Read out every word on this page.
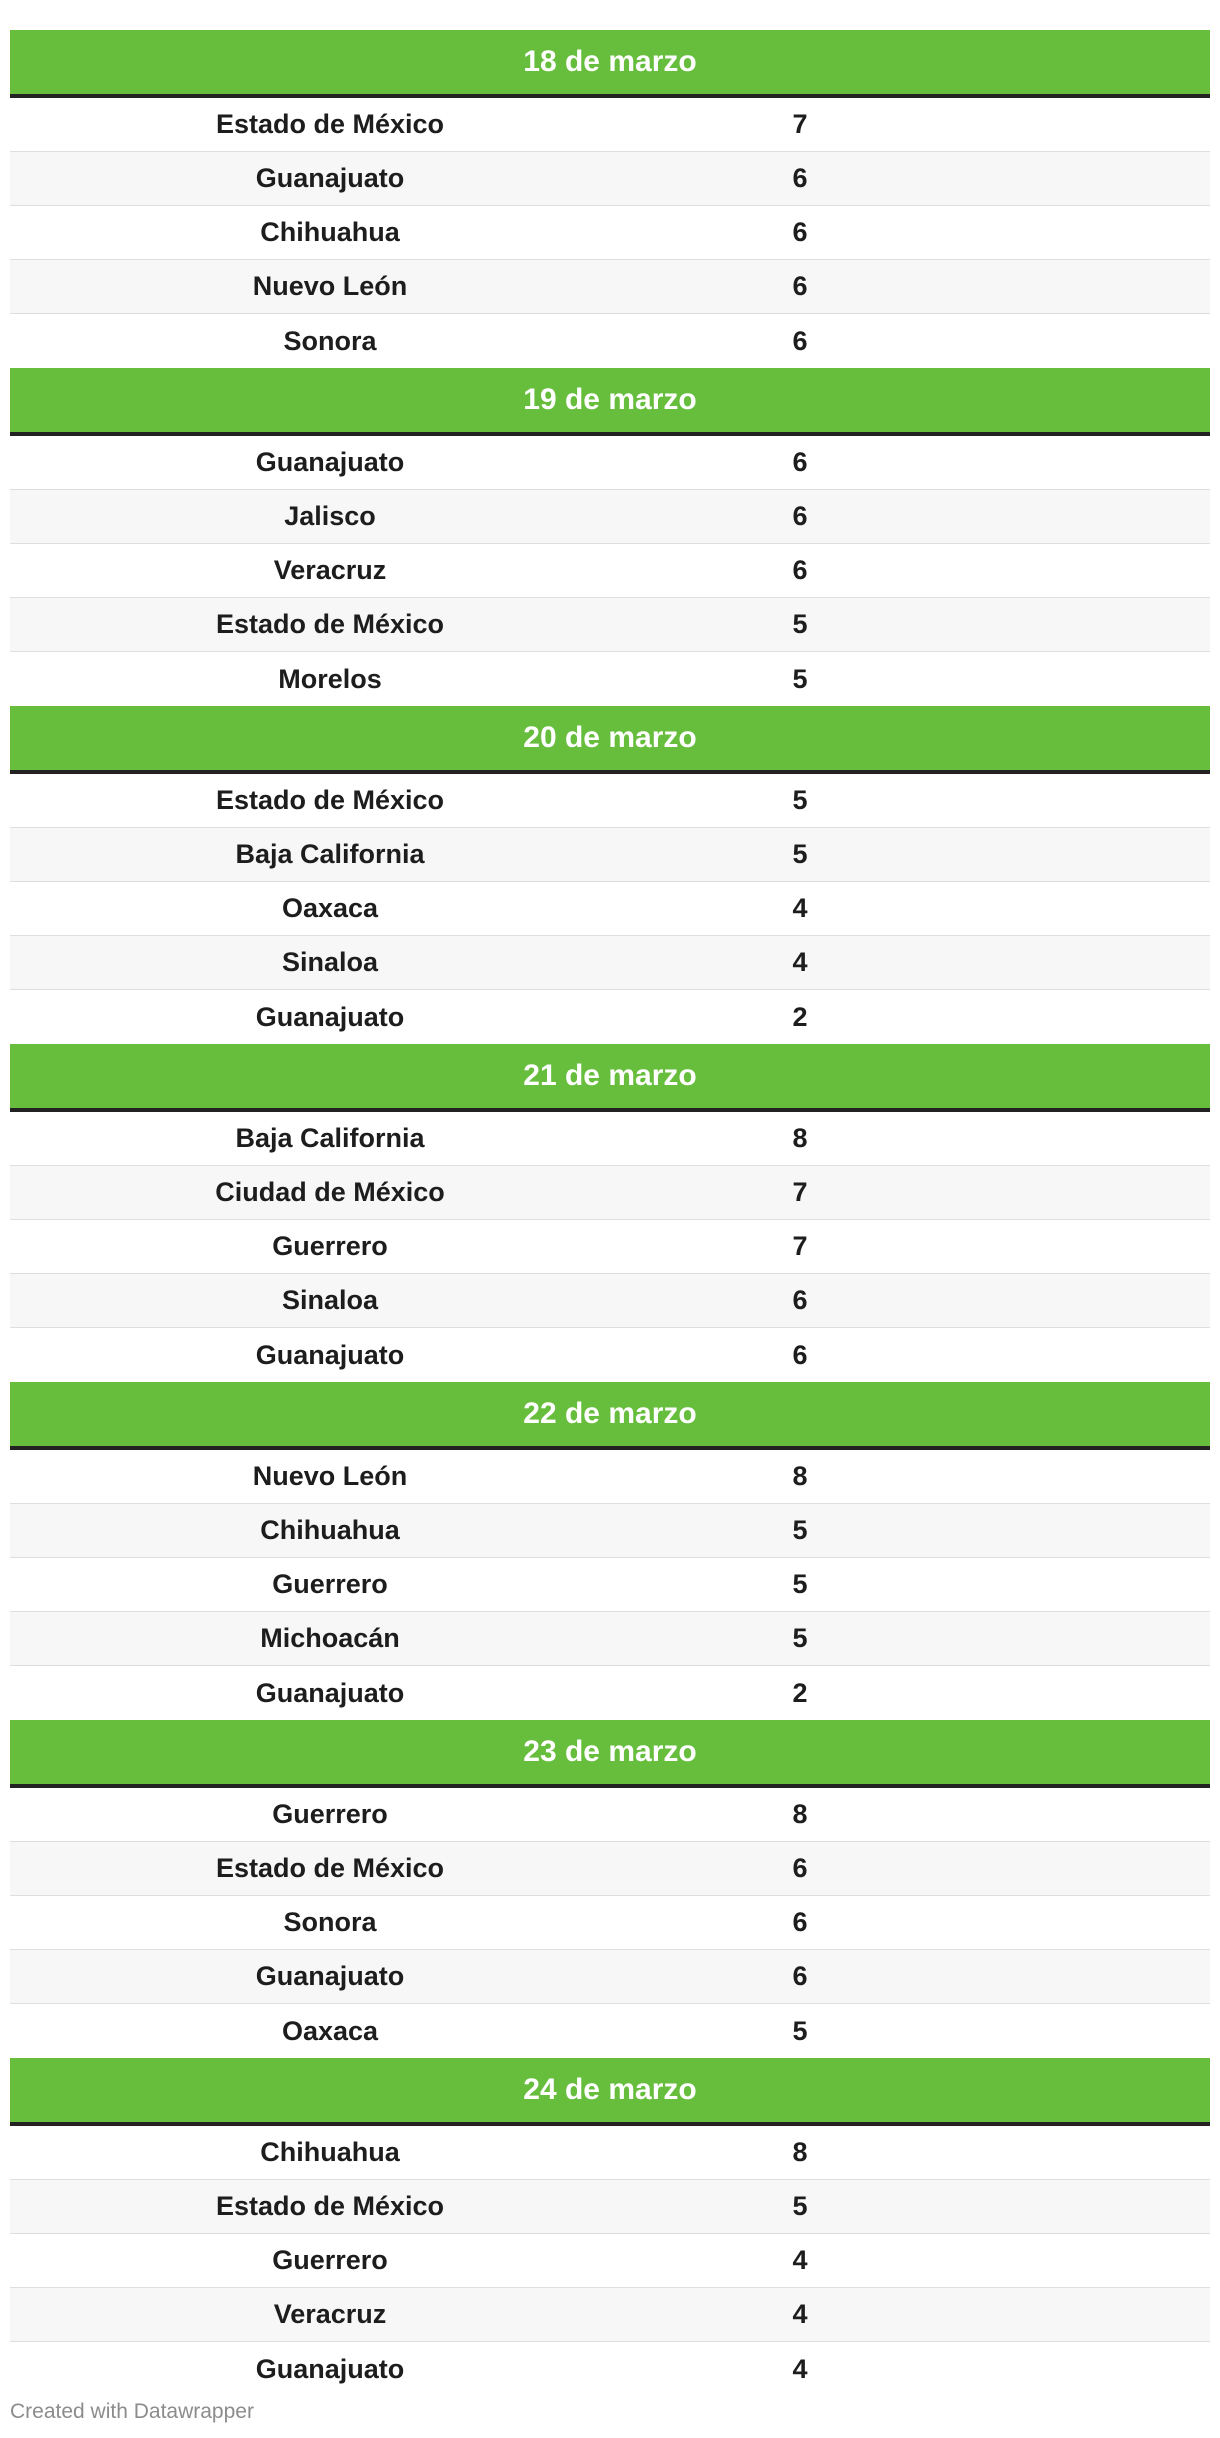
18 de marzo
Estado de México	7
Guanajuato	6
Chihuahua	6
Nuevo León	6
Sonora	6
19 de marzo
Guanajuato	6
Jalisco	6
Veracruz	6
Estado de México	5
Morelos	5
20 de marzo
Estado de México	5
Baja California	5
Oaxaca	4
Sinaloa	4
Guanajuato	2
21 de marzo
Baja California	8
Ciudad de México	7
Guerrero	7
Sinaloa	6
Guanajuato	6
22 de marzo
Nuevo León	8
Chihuahua	5
Guerrero	5
Michoacán	5
Guanajuato	2
23 de marzo
Guerrero	8
Estado de México	6
Sonora	6
Guanajuato	6
Oaxaca	5
24 de marzo
Chihuahua	8
Estado de México	5
Guerrero	4
Veracruz	4
Guanajuato	4
Created with Datawrapper
